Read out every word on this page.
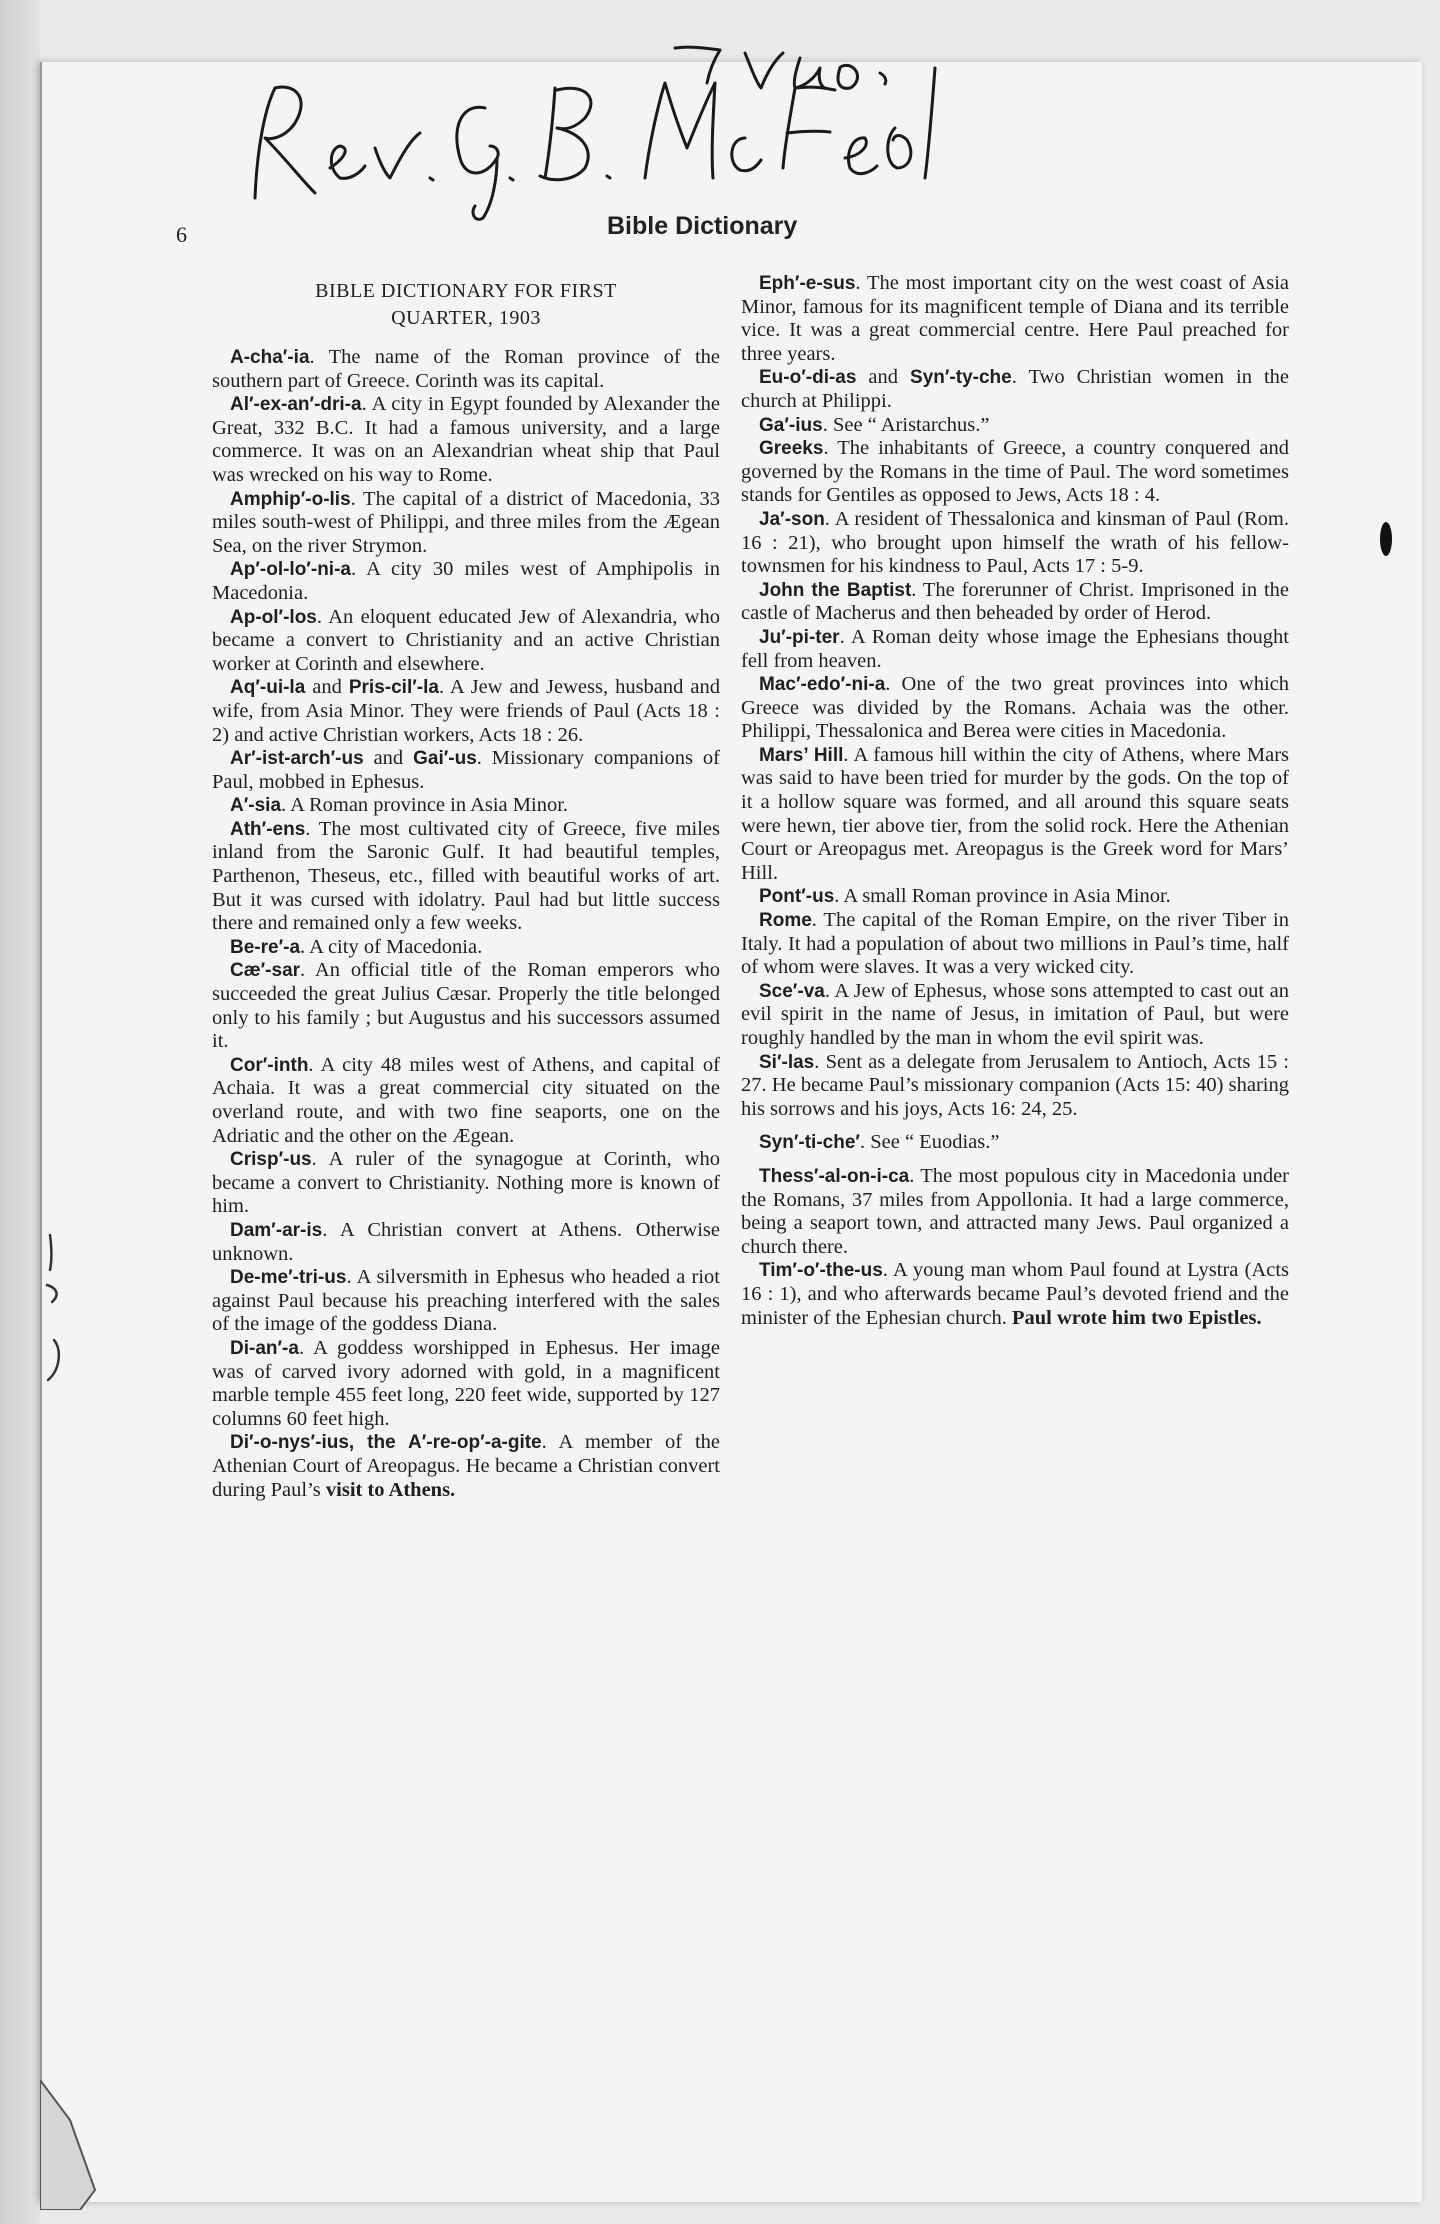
6	Bible Dictionary
BIBLE DICTIONARY FOR FIRST
QUARTER, 1903

A-cha′-ia. The name of the Roman province of the southern part of Greece. Corinth was its capital.

Al′-ex-an′-dri-a. A city in Egypt founded by Alexander the Great, 332 B.C. It had a famous university, and a large commerce. It was on an Alexandrian wheat ship that Paul was wrecked on his way to Rome.

Amphip′-o-lis. The capital of a district of Macedonia, 33 miles south-west of Philippi, and three miles from the Ægean Sea, on the river Strymon.

Ap′-ol-lo′-ni-a. A city 30 miles west of Amphipolis in Macedonia.

Ap-ol′-los. An eloquent educated Jew of Alexandria, who became a convert to Christianity and an active Christian worker at Corinth and elsewhere.

Aq′-ui-la and Pris-cil′-la. A Jew and Jewess, husband and wife, from Asia Minor. They were friends of Paul (Acts 18 : 2) and active Christian workers, Acts 18 : 26.

Ar′-ist-arch′-us and Gai′-us. Missionary companions of Paul, mobbed in Ephesus.

A′-sia. A Roman province in Asia Minor.

Ath′-ens. The most cultivated city of Greece, five miles inland from the Saronic Gulf. It had beautiful temples, Parthenon, Theseus, etc., filled with beautiful works of art. But it was cursed with idolatry. Paul had but little success there and remained only a few weeks.

Be-re′-a. A city of Macedonia.

Cæ′-sar. An official title of the Roman emperors who succeeded the great Julius Cæsar. Properly the title belonged only to his family ; but Augustus and his successors assumed it.

Cor′-inth. A city 48 miles west of Athens, and capital of Achaia. It was a great commercial city situated on the overland route, and with two fine seaports, one on the Adriatic and the other on the Ægean.

Crisp′-us. A ruler of the synagogue at Corinth, who became a convert to Christianity. Nothing more is known of him.

Dam′-ar-is. A Christian convert at Athens. Otherwise unknown.

De-me′-tri-us. A silversmith in Ephesus who headed a riot against Paul because his preaching interfered with the sales of the image of the goddess Diana.

Di-an′-a. A goddess worshipped in Ephesus. Her image was of carved ivory adorned with gold, in a magnificent marble temple 455 feet long, 220 feet wide, supported by 127 columns 60 feet high.

Di′-o-nys′-ius, the A′-re-op′-a-gite. A member of the Athenian Court of Areopagus. He became a Christian convert during Paul’s visit to Athens.

Eph′-e-sus. The most important city on the west coast of Asia Minor, famous for its magnificent temple of Diana and its terrible vice. It was a great commercial centre. Here Paul preached for three years.

Eu-o′-di-as and Syn′-ty-che. Two Christian women in the church at Philippi.

Ga′-ius. See “ Aristarchus.”

Greeks. The inhabitants of Greece, a country conquered and governed by the Romans in the time of Paul. The word sometimes stands for Gentiles as opposed to Jews, Acts 18 : 4.

Ja′-son. A resident of Thessalonica and kinsman of Paul (Rom. 16 : 21), who brought upon himself the wrath of his fellow-townsmen for his kindness to Paul, Acts 17 : 5-9.

John the Baptist. The forerunner of Christ. Imprisoned in the castle of Macherus and then beheaded by order of Herod.

Ju′-pi-ter. A Roman deity whose image the Ephesians thought fell from heaven.

Mac′-edo′-ni-a. One of the two great provinces into which Greece was divided by the Romans. Achaia was the other. Philippi, Thessalonica and Berea were cities in Macedonia.

Mars’ Hill. A famous hill within the city of Athens, where Mars was said to have been tried for murder by the gods. On the top of it a hollow square was formed, and all around this square seats were hewn, tier above tier, from the solid rock. Here the Athenian Court or Areopagus met. Areopagus is the Greek word for Mars’ Hill.

Pont′-us. A small Roman province in Asia Minor.

Rome. The capital of the Roman Empire, on the river Tiber in Italy. It had a population of about two millions in Paul’s time, half of whom were slaves. It was a very wicked city.

Sce′-va. A Jew of Ephesus, whose sons attempted to cast out an evil spirit in the name of Jesus, in imitation of Paul, but were roughly handled by the man in whom the evil spirit was.

Si′-las. Sent as a delegate from Jerusalem to Antioch, Acts 15 : 27. He became Paul’s missionary companion (Acts 15: 40) sharing his sorrows and his joys, Acts 16: 24, 25.

Syn′-ti-che′. See “ Euodias.”

Thess′-al-on-i-ca. The most populous city in Macedonia under the Romans, 37 miles from Appollonia. It had a large commerce, being a seaport town, and attracted many Jews. Paul organized a church there.

Tim′-o′-the-us. A young man whom Paul found at Lystra (Acts 16 : 1), and who afterwards became Paul’s devoted friend and the minister of the Ephesian church. Paul wrote him two Epistles.
